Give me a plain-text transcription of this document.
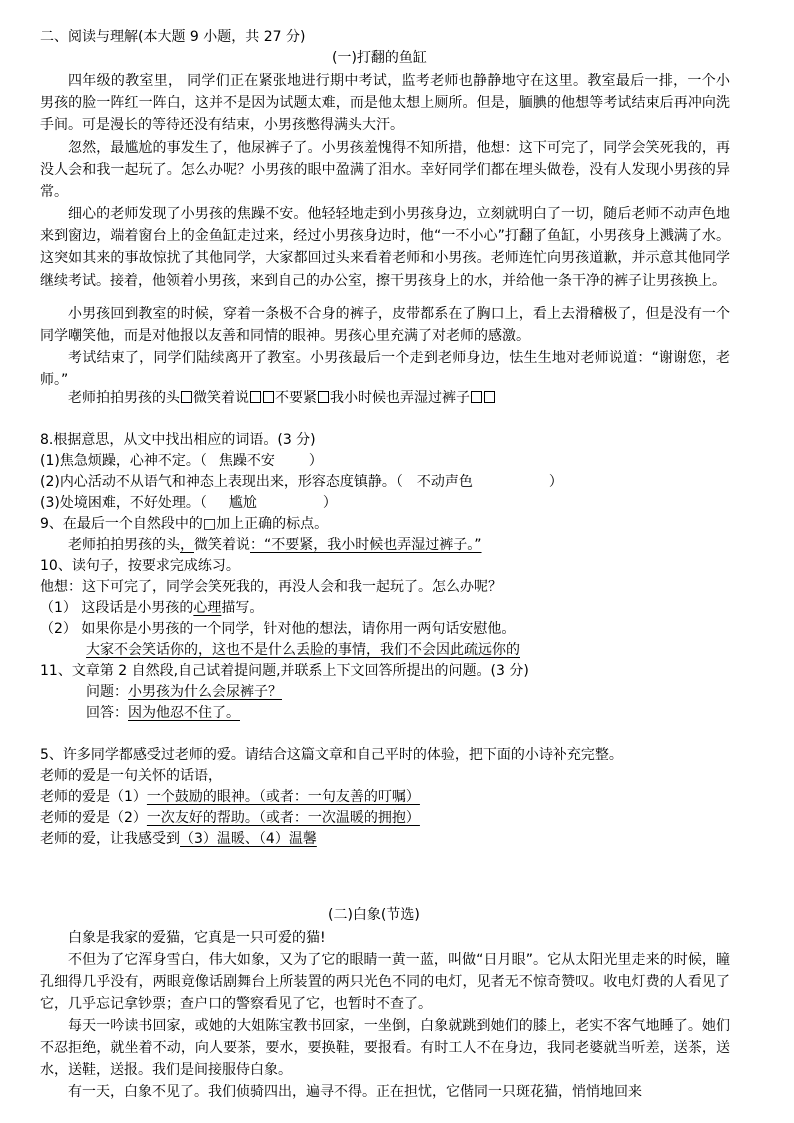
二、阅读与理解(本大题 9 小题，共 27 分)
(一)打翻的鱼缸
四年级的教室里， 同学们正在紧张地进行期中考试，监考老师也静静地守在这里。教室最后一排，一个小男孩的脸一阵红一阵白，这并不是因为试题太难，而是他太想上厕所。但是，腼腆的他想等考试结束后再冲向洗手间。可是漫长的等待还没有结束，小男孩憋得满头大汗。
忽然，最尴尬的事发生了，他尿裤子了。小男孩羞愧得不知所措，他想：这下可完了，同学会笑死我的，再没人会和我一起玩了。怎么办呢？小男孩的眼中盈满了泪水。幸好同学们都在埋头做卷，没有人发现小男孩的异常。
细心的老师发现了小男孩的焦躁不安。他轻轻地走到小男孩身边，立刻就明白了一切，随后老师不动声色地来到窗边，端着窗台上的金鱼缸走过来，经过小男孩身边时，他“一不小心”打翻了鱼缸，小男孩身上溅满了水。这突如其来的事故惊扰了其他同学，大家都回过头来看着老师和小男孩。老师连忙向男孩道歉，并示意其他同学继续考试。接着，他领着小男孩，来到自己的办公室，擦干男孩身上的水，并给他一条干净的裤子让男孩换上。
小男孩回到教室的时候，穿着一条极不合身的裤子，皮带都系在了胸口上，看上去滑稽极了，但是没有一个同学嘲笑他，而是对他报以友善和同情的眼神。男孩心里充满了对老师的感激。
考试结束了，同学们陆续离开了教室。小男孩最后一个走到老师身边，怯生生地对老师说道：“谢谢您，老师。”
老师拍拍男孩的头 微笑着说 不要紧 我小时候也弄湿过裤子
8.根据意思，从文中找出相应的词语。(3 分)
(1)焦急烦躁，心神不定。（ 焦躁不安 ）
(2)内心活动不从语气和神态上表现出来，形容态度镇静。（ 不动声色	）
(3)处境困难，不好处理。（ 尴尬	）
9、在最后一个自然段中的□加上正确的标点。
老师拍拍男孩的头，微笑着说：“不要紧，我小时候也弄湿过裤子。”
10、读句子，按要求完成练习。
他想：这下可完了，同学会笑死我的，再没人会和我一起玩了。怎么办呢？
（1） 这段话是小男孩的心理描写。
（2） 如果你是小男孩的一个同学，针对他的想法，请你用一两句话安慰他。
大家不会笑话你的，这也不是什么丢脸的事情，我们不会因此疏远你的
11、文章第 2 自然段,自己试着提问题,并联系上下文回答所提出的问题。(3 分)
问题：小男孩为什么会尿裤子？
回答：因为他忍不住了。
5、许多同学都感受过老师的爱。请结合这篇文章和自己平时的体验，把下面的小诗补充完整。
老师的爱是一句关怀的话语，
老师的爱是（1）一个鼓励的眼神。（或者：一句友善的叮嘱）
老师的爱是（2）一次友好的帮助。（或者：一次温暖的拥抱）
老师的爱，让我感受到（3）温暖、（4）温馨
(二)白象(节选)
白象是我家的爱猫，它真是一只可爱的猫!
不但为了它浑身雪白，伟大如象，又为了它的眼睛一黄一蓝，叫做“日月眼”。它从太阳光里走来的时候，瞳孔细得几乎没有，两眼竟像话剧舞台上所装置的两只光色不同的电灯，见者无不惊奇赞叹。收电灯费的人看见了它，几乎忘记拿钞票；查户口的警察看见了它，也暂时不查了。
每天一吟读书回家，或她的大姐陈宝教书回家，一坐倒，白象就跳到她们的膝上，老实不客气地睡了。她们不忍拒绝，就坐着不动，向人要茶，要水，要换鞋，要报看。有时工人不在身边，我同老婆就当听差，送茶，送水，送鞋，送报。我们是间接服侍白象。
有一天，白象不见了。我们侦骑四出，遍寻不得。正在担忧，它偕同一只斑花猫，悄悄地回来
